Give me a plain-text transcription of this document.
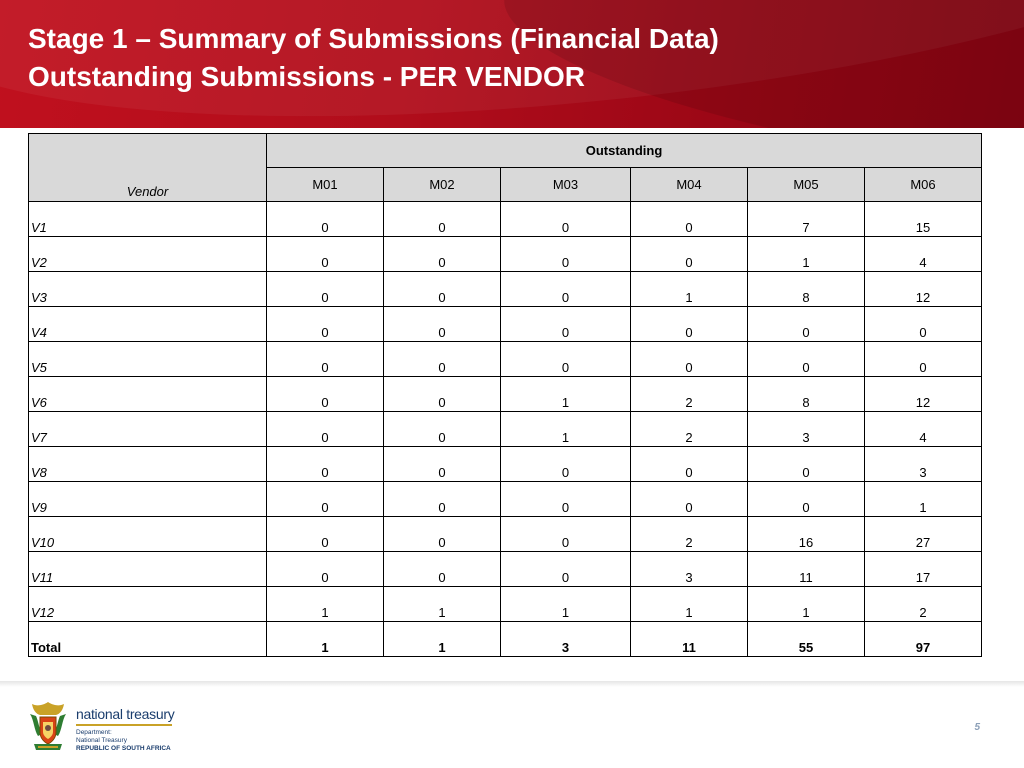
Stage 1 – Summary of Submissions (Financial Data)
Outstanding Submissions - PER VENDOR
Vendor	Outstanding					
	M01	M02	M03	M04	M05	M06
V1	0	0	0	0	7	15
V2	0	0	0	0	1	4
V3	0	0	0	1	8	12
V4	0	0	0	0	0	0
V5	0	0	0	0	0	0
V6	0	0	1	2	8	12
V7	0	0	1	2	3	4
V8	0	0	0	0	0	3
V9	0	0	0	0	0	1
V10	0	0	0	2	16	27
V11	0	0	0	3	11	17
V12	1	1	1	1	1	2
Total	1	1	3	11	55	97
national treasury
Department:
National Treasury
REPUBLIC OF SOUTH AFRICA
5
